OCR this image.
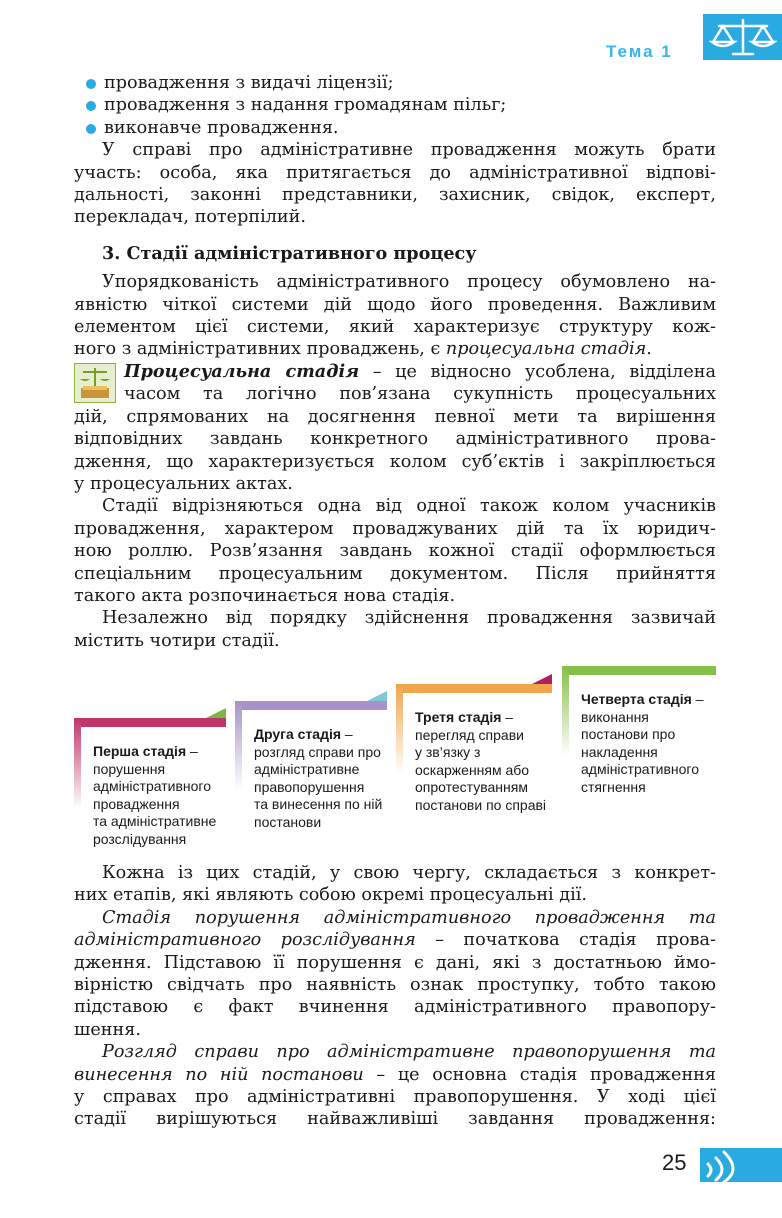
Тема 1
провадження з видачі ліцензії;
провадження з надання громадянам пільг;
виконавче провадження.
У справі про адміністративне провадження можуть брати
участь: особа, яка притягається до адміністративної відпові-
дальності, законні представники, захисник, свідок, експерт,
перекладач, потерпілий.
3. Стадії адміністративного процесу
Упорядкованість адміністративного процесу обумовлено на-
явністю чіткої системи дій щодо його проведення. Важливим
елементом цієї системи, який характеризує структуру кож-
ного з адміністративних проваджень, є процесуальна стадія.
Процесуальна стадія – це відносно усоблена, відділена
часом та логічно пов’язана сукупність процесуальних
дій, спрямованих на досягнення певної мети та вирішення
відповідних завдань конкретного адміністративного прова-
дження, що характеризується колом суб’єктів і закріплюється
у процесуальних актах.
Стадії відрізняються одна від одної також колом учасників
провадження, характером проваджуваних дій та їх юридич-
ною роллю. Розв’язання завдань кожної стадії оформлюється
спеціальним процесуальним документом. Після прийняття
такого акта розпочинається нова стадія.
Незалежно від порядку здійснення провадження зазвичай
містить чотири стадії.
Перша стадія –
порушення
адміністративного
провадження
та адміністративне
розслідування
Друга стадія –
розгляд справи про
адміністративне
правопорушення
та винесення по ній
постанови
Третя стадія –
перегляд справи
у зв’язку з
оскарженням або
опротестуванням
постанови по справі
Четверта стадія –
виконання
постанови про
накладення
адміністративного
стягнення
Кожна із цих стадій, у свою чергу, складається з конкрет-
них етапів, які являють собою окремі процесуальні дії.
Стадія порушення адміністративного провадження та
адміністративного розслідування – початкова стадія прова-
дження. Підставою її порушення є дані, які з достатньою ймо-
вірністю свідчать про наявність ознак проступку, тобто такою
підставою є факт вчинення адміністративного правопору-
шення.
Розгляд справи про адміністративне правопорушення та
винесення по ній постанови – це основна стадія провадження
у справах про адміністративні правопорушення. У ході цієї
стадії вирішуються найважливіші завдання провадження:
25
